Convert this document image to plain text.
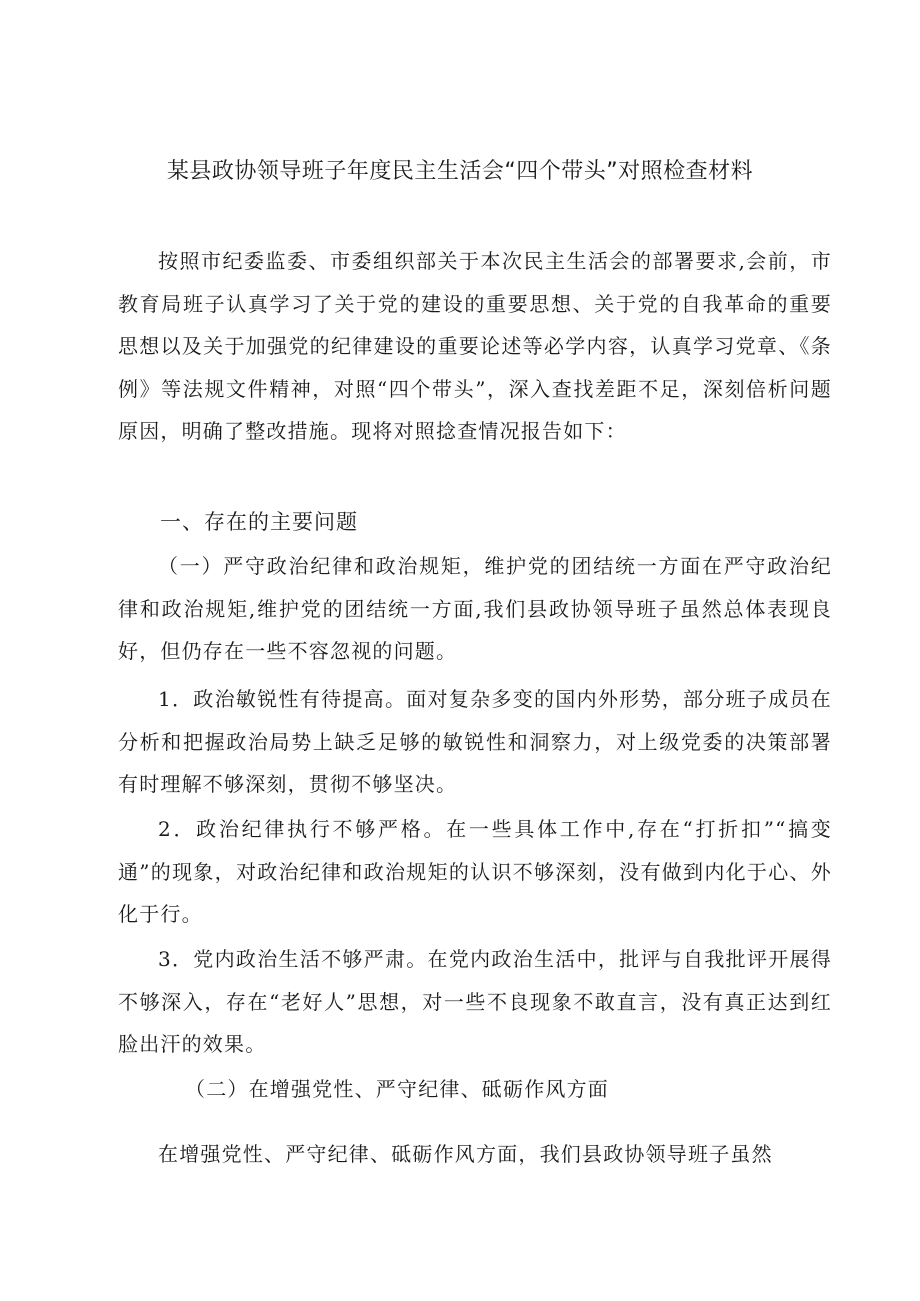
某县政协领导班子年度民主生活会“四个带头”对照检查材料

按照市纪委监委、市委组织部关于本次民主生活会的部署要求,会前，市教育局班子认真学习了关于党的建设的重要思想、关于党的自我革命的重要思想以及关于加强党的纪律建设的重要论述等必学内容，认真学习党章、《条例》等法规文件精神，对照“四个带头”，深入查找差距不足，深刻倍析问题原因，明确了整改措施。现将对照捻查情况报告如下：

一、存在的主要问题

（一）严守政治纪律和政治规矩，维护党的团结统一方面在严守政治纪律和政治规矩,维护党的团结统一方面,我们县政协领导班子虽然总体表现良好，但仍存在一些不容忽视的问题。

1．政治敏锐性有待提高。面对复杂多变的国内外形势，部分班子成员在分析和把握政治局势上缺乏足够的敏锐性和洞察力，对上级党委的决策部署有时理解不够深刻，贯彻不够坚决。

2．政治纪律执行不够严格。在一些具体工作中,存在“打折扣”“搞变通”的现象，对政治纪律和政治规矩的认识不够深刻，没有做到内化于心、外化于行。

3．党内政治生活不够严肃。在党内政治生活中，批评与自我批评开展得不够深入，存在“老好人”思想，对一些不良现象不敢直言，没有真正达到红脸出汗的效果。

（二）在增强党性、严守纪律、砥砺作风方面

在增强党性、严守纪律、砥砺作风方面，我们县政协领导班子虽然
